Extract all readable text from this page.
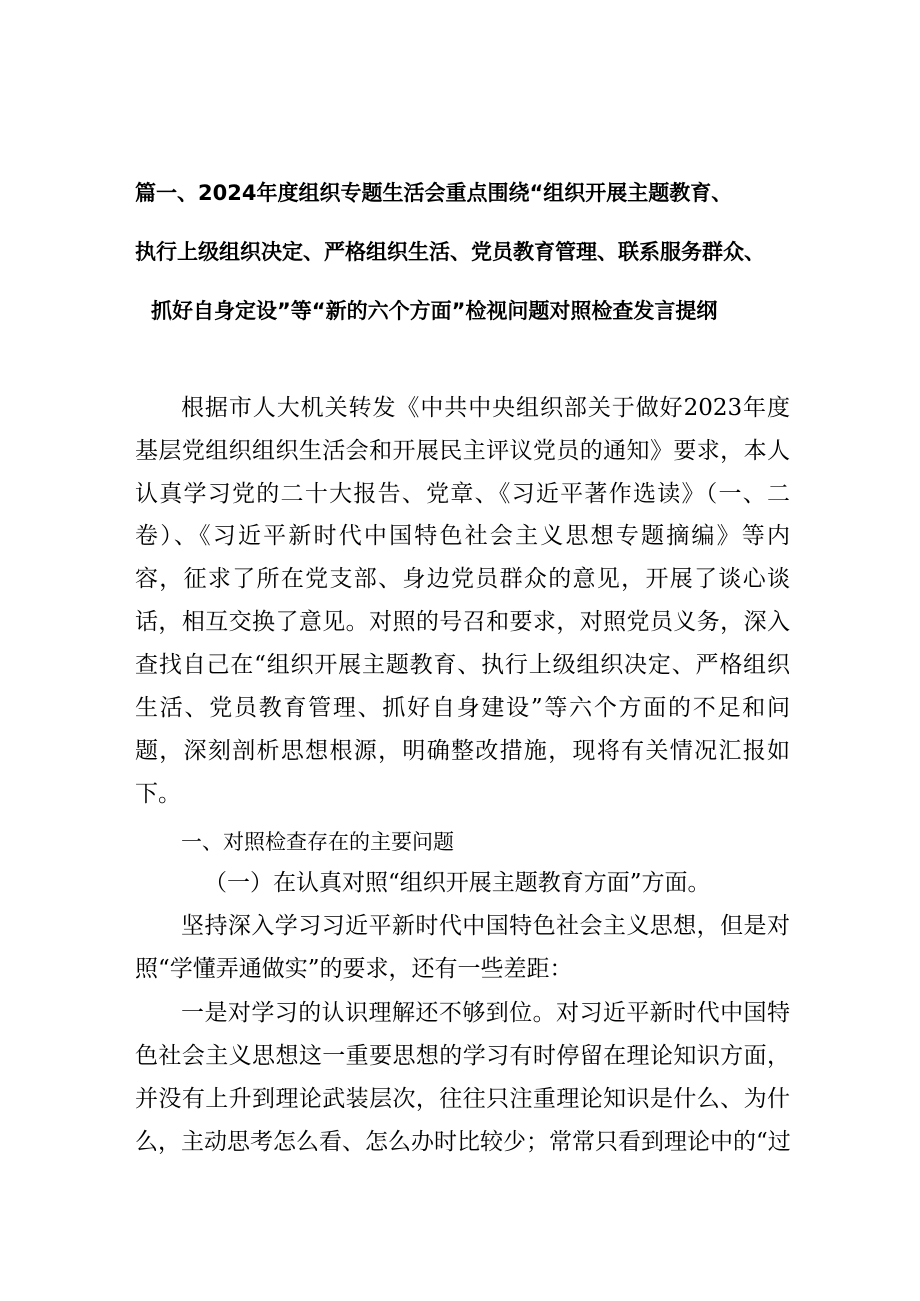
篇一、2024年度组织专题生活会重点围绕“组织开展主题教育、
执行上级组织决定、严格组织生活、党员教育管理、联系服务群众、
抓好自身定设”等“新的六个方面”检视问题对照检查发言提纲
根据市人大机关转发《中共中央组织部关于做好2023年度
基层党组织组织生活会和开展民主评议党员的通知》要求，本人
认真学习党的二十大报告、党章、《习近平著作选读》（一、二
卷）、《习近平新时代中国特色社会主义思想专题摘编》等内
容，征求了所在党支部、身边党员群众的意见，开展了谈心谈
话，相互交换了意见。对照的号召和要求，对照党员义务，深入
查找自己在“组织开展主题教育、执行上级组织决定、严格组织
生活、党员教育管理、抓好自身建设”等六个方面的不足和问
题，深刻剖析思想根源，明确整改措施，现将有关情况汇报如
下。
一、对照检查存在的主要问题
（一）在认真对照“组织开展主题教育方面”方面。
坚持深入学习习近平新时代中国特色社会主义思想，但是对
照“学懂弄通做实”的要求，还有一些差距：
一是对学习的认识理解还不够到位。对习近平新时代中国特
色社会主义思想这一重要思想的学习有时停留在理论知识方面，
并没有上升到理论武装层次，往往只注重理论知识是什么、为什
么，主动思考怎么看、怎么办时比较少；常常只看到理论中的“过
